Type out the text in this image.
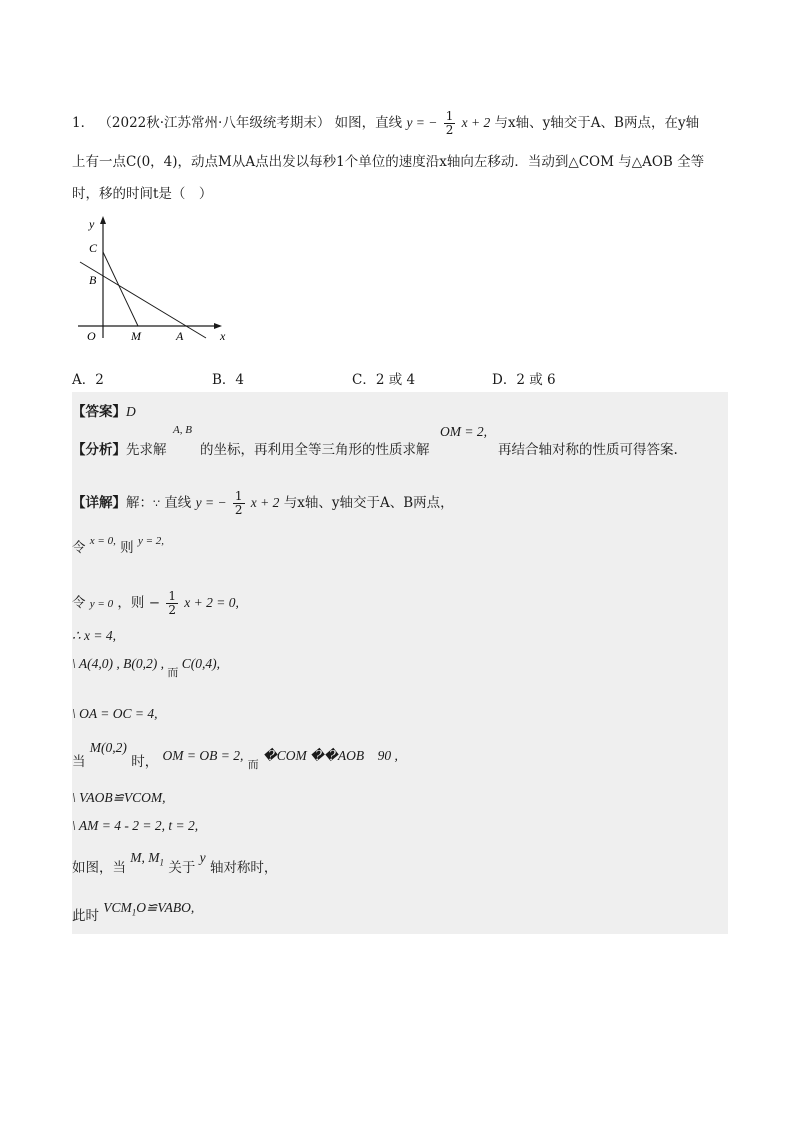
1． （2022秋·江苏常州·八年级统考期末） 如图，直线 y = − $\frac{1}{2}$ x + 2 与x轴、y轴交于A、B两点，在y轴
上有一点C(0，4)，动点M从A点出发以每秒1个单位的速度沿x轴向左移动．当动到△COM 与△AOB 全等
时，移的时间t是（　）
y
x
C
B
O	M	A
A．2	B．4	C．2 或 4	D．2 或 6
【答案】D
【分析】先求解
A, B
的坐标，再利用全等三角形的性质求解
OM = 2,
再结合轴对称的性质可得答案.
【详解】解：∵ 直线 y = − $\frac{1}{2}$ x + 2 与x轴、y轴交于A、B两点，
令 $^{x = 0,}$ 则 $^{y = 2,}$
令 y = 0 ，则 − $\frac{1}{2}$ x + 2 = 0,
∴ x = 4,
\ A(4,0) , B(0,2) , $_而$ C(0,4),
\ OA = OC = 4,
当 M(0,2) 时， OM = OB = 2, $_而$ �COM ��AOB　90 ,
\ VAOB≌VCOM,
\ AM = 4 - 2 = 2, t = 2,
如图，当 M, $M_1$ 关于 y 轴对称时，
此时 $VCM_1O≌VABO$,
